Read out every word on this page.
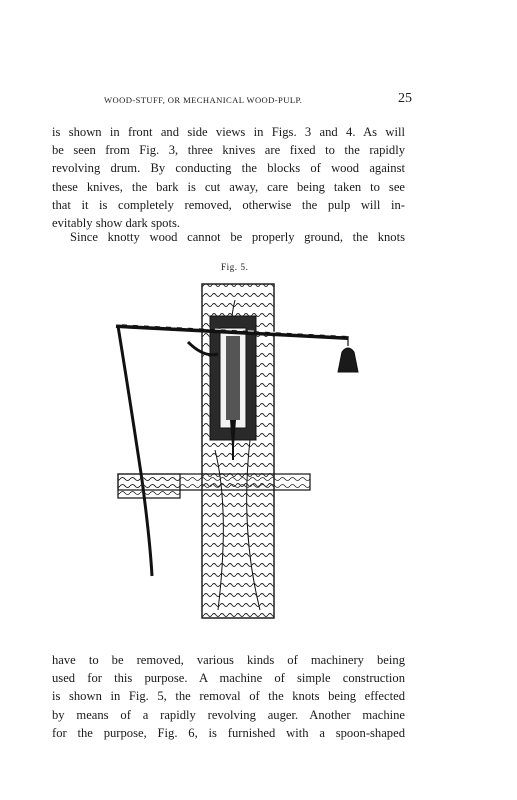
WOOD-STUFF, OR MECHANICAL WOOD-PULP.	25

is shown in front and side views in Figs. 3 and 4. As will
be seen from Fig. 3, three knives are fixed to the rapidly
revolving drum. By conducting the blocks of wood against
these knives, the bark is cut away, care being taken to see
that it is completely removed, otherwise the pulp will in-
evitably show dark spots.

Since knotty wood cannot be properly ground, the knots

Fig. 5.

have to be removed, various kinds of machinery being
used for this purpose. A machine of simple construction
is shown in Fig. 5, the removal of the knots being effected
by means of a rapidly revolving auger. Another machine
for the purpose, Fig. 6, is furnished with a spoon-shaped
